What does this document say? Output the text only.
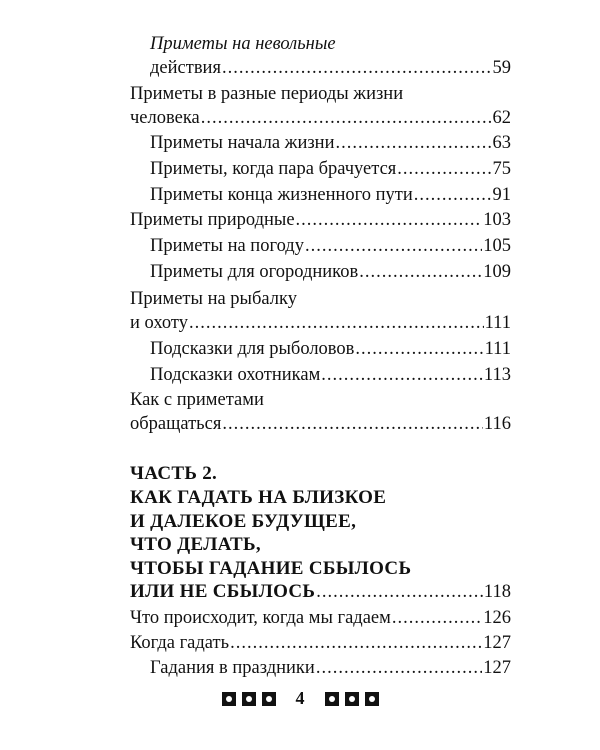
Приметы на невольные
действия .....	59
Приметы в разные периоды жизни
человека .....	62
Приметы начала жизни .....	63
Приметы, когда пара брачуется .....	75
Приметы конца жизненного пути .....	91
Приметы природные .....	103
Приметы на погоду .....	105
Приметы для огородников .....	109
Приметы на рыбалку
и охоту .....	111
Подсказки для рыболовов .....	111
Подсказки охотникам .....	113
Как с приметами
обращаться .....	116
ЧАСТЬ 2.
КАК ГАДАТЬ НА БЛИЗКОЕ
И ДАЛЕКОЕ БУДУЩЕЕ,
ЧТО ДЕЛАТЬ,
ЧТОБЫ ГАДАНИЕ СБЫЛОСЬ
ИЛИ НЕ СБЫЛОСЬ .....	118
Что происходит, когда мы гадаем .....	126
Когда гадать .....	127
Гадания в праздники .....	127
4
